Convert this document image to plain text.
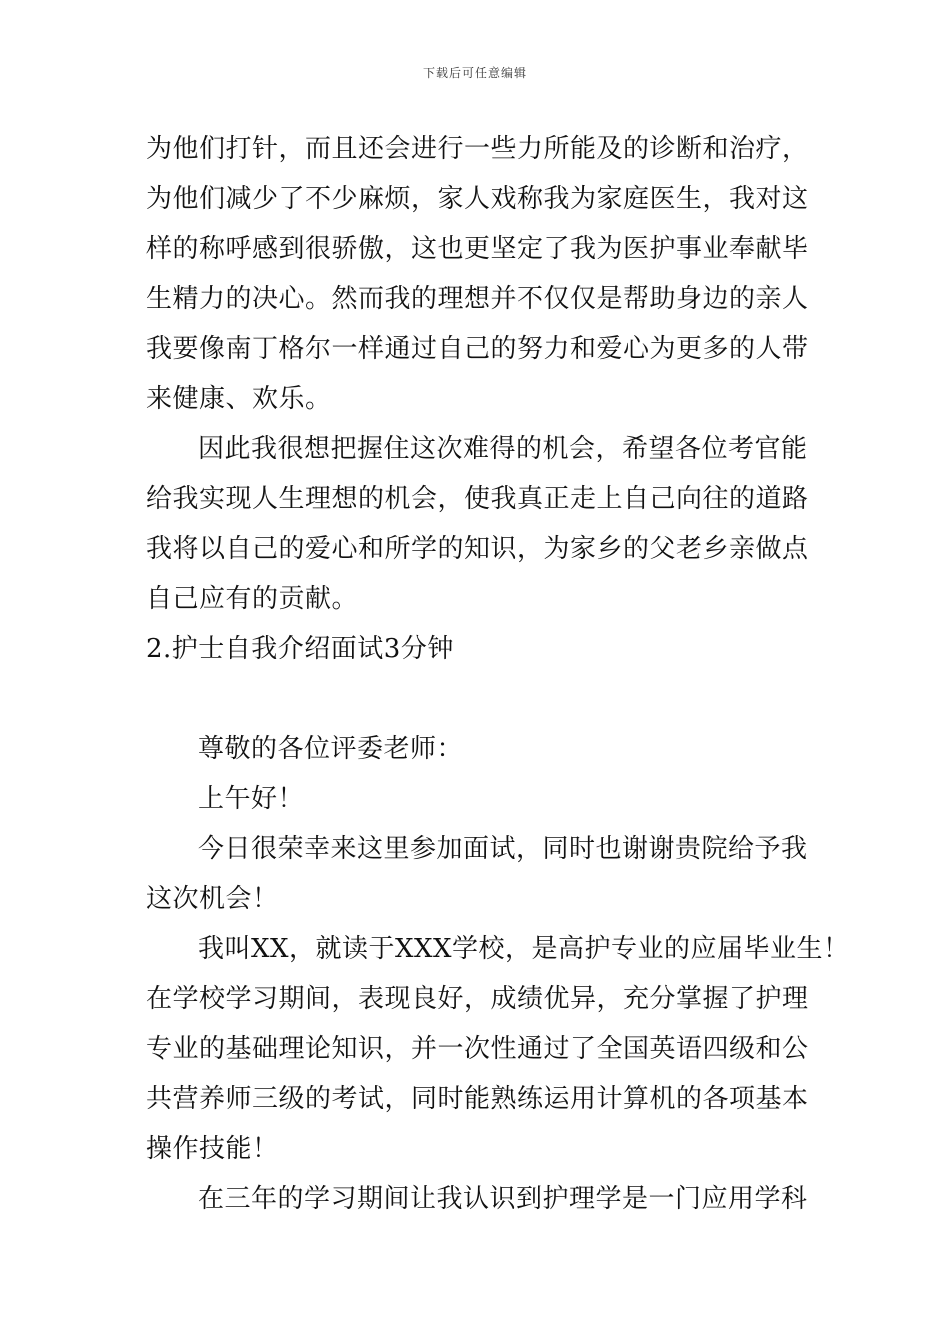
下载后可任意编辑
为他们打针，而且还会进行一些力所能及的诊断和治疗，
为他们减少了不少麻烦，家人戏称我为家庭医生，我对这
样的称呼感到很骄傲，这也更坚定了我为医护事业奉献毕
生精力的决心。然而我的理想并不仅仅是帮助身边的亲人
我要像南丁格尔一样通过自己的努力和爱心为更多的人带
来健康、欢乐。
因此我很想把握住这次难得的机会，希望各位考官能
给我实现人生理想的机会，使我真正走上自己向往的道路
我将以自己的爱心和所学的知识，为家乡的父老乡亲做点
自己应有的贡献。
2.护士自我介绍面试3分钟
尊敬的各位评委老师：
上午好！
今日很荣幸来这里参加面试，同时也谢谢贵院给予我
这次机会！
我叫XX，就读于XXX学校，是高护专业的应届毕业生！
在学校学习期间，表现良好，成绩优异，充分掌握了护理
专业的基础理论知识，并一次性通过了全国英语四级和公
共营养师三级的考试，同时能熟练运用计算机的各项基本
操作技能！
在三年的学习期间让我认识到护理学是一门应用学科
